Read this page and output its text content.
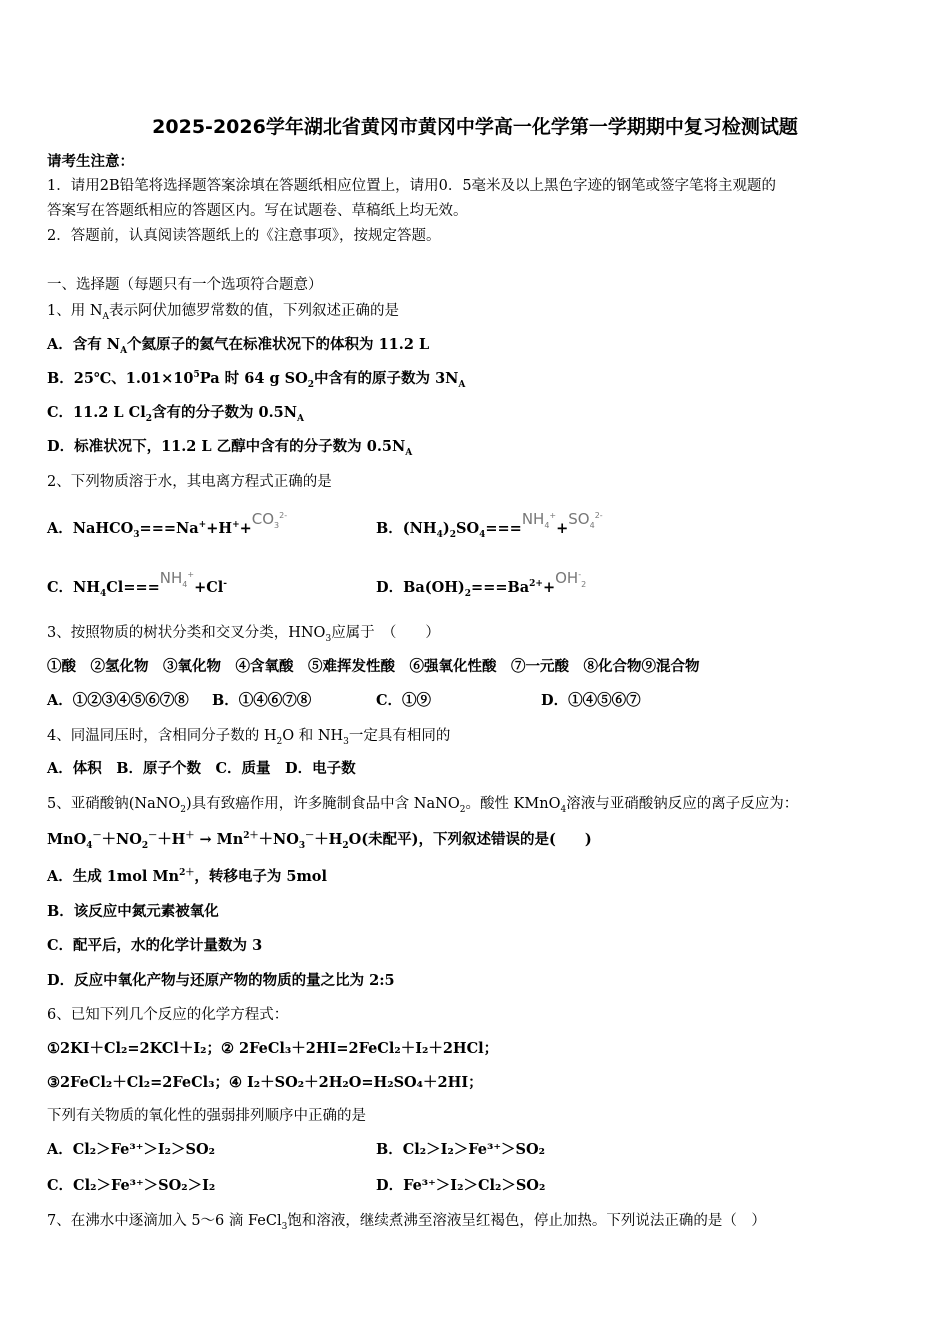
2025-2026学年湖北省黄冈市黄冈中学高一化学第一学期期中复习检测试题
请考生注意：
1．请用2B铅笔将选择题答案涂填在答题纸相应位置上，请用0．5毫米及以上黑色字迹的钢笔或签字笔将主观题的
答案写在答题纸相应的答题区内。写在试题卷、草稿纸上均无效。
2．答题前，认真阅读答题纸上的《注意事项》，按规定答题。
一、选择题（每题只有一个选项符合题意）
1、用 $N_A$表示阿伏加德罗常数的值，下列叙述正确的是
A．含有 $N_A$个氦原子的氦气在标准状况下的体积为 11.2 L
B．25℃、$1.01\times 10^5Pa$ 时 64 g $SO_2$中含有的原子数为 $3N_A$
C．11.2 L $Cl_2$含有的分子数为 $0.5N_A$
D．标准状况下，11.2 L 乙醇中含有的分子数为 $0.5N_A$
2、下列物质溶于水，其电离方程式正确的是
A．$NaHCO_3===Na^++H^++CO_3^{2-}$
B．$(NH_4)_2SO_4===NH_4^++SO_4^{2-}$
C．$NH_4Cl===NH_4^++Cl^-$	D．$Ba(OH)_2===Ba^{2+}+OH^-_2$
3、按照物质的树状分类和交叉分类，$HNO_3$应属于　（　　）
①酸　②氢化物　③氧化物　④含氧酸　⑤难挥发性酸　⑥强氧化性酸　⑦一元酸　⑧化合物⑨混合物
A．①②③④⑤⑥⑦⑧ B．①④⑥⑦⑧	C．①⑨	D．①④⑤⑥⑦
4、同温同压时，含相同分子数的 $H_2O$ 和 $NH_3$一定具有相同的
A．体积　B．原子个数　C．质量　D．电子数
5、亚硝酸钠(NaNO$_2$)具有致癌作用，许多腌制食品中含 NaNO$_2$。酸性 KMnO$_4$溶液与亚硝酸钠反应的离子反应为：
$MnO_4^-+NO_2^-+H^+ \to Mn^{2+}+NO_3^-+H_2O$(未配平)，下列叙述错误的是(　　)
A．生成 1mol $Mn^{2+}$，转移电子为 5mol
B．该反应中氮元素被氧化
C．配平后，水的化学计量数为 3
D．反应中氧化产物与还原产物的物质的量之比为 2:5
6、已知下列几个反应的化学方程式：
①2KI＋Cl₂=2KCl＋I₂；② 2FeCl₃＋2HI=2FeCl₂＋I₂＋2HCl；
③2FeCl₂＋Cl₂=2FeCl₃；④ I₂＋SO₂＋2H₂O=H₂SO₄＋2HI；
下列有关物质的氧化性的强弱排列顺序中正确的是
A．Cl₂＞Fe³⁺＞I₂＞SO₂	B．Cl₂＞I₂＞Fe³⁺＞SO₂
C．Cl₂＞Fe³⁺＞SO₂＞I₂	D．Fe³⁺＞I₂＞Cl₂＞SO₂
7、在沸水中逐滴加入 5～6 滴 FeCl$_3$饱和溶液，继续煮沸至溶液呈红褐色，停止加热。下列说法正确的是（　）
